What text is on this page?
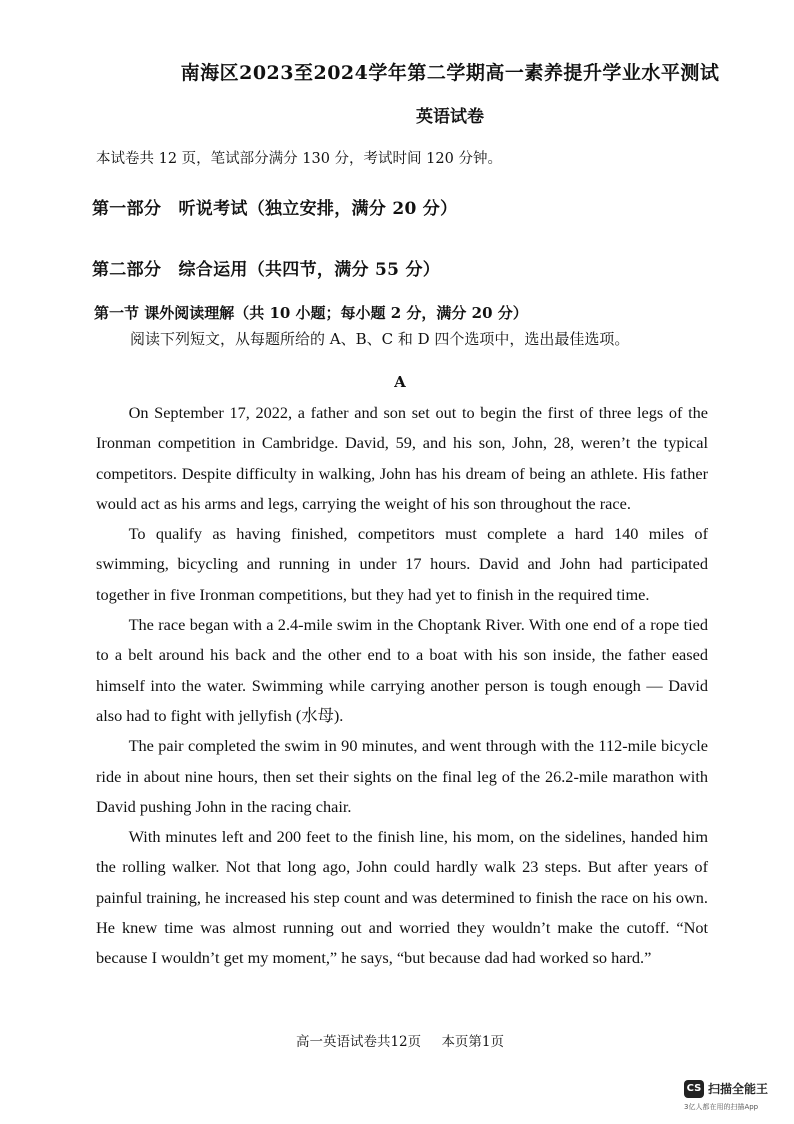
南海区2023至2024学年第二学期高一素养提升学业水平测试
英语试卷
本试卷共 12 页，笔试部分满分 130 分，考试时间 120 分钟。
第一部分　听说考试（独立安排，满分 20 分）
第二部分　综合运用（共四节，满分 55 分）
第一节 课外阅读理解（共 10 小题；每小题 2 分，满分 20 分）
阅读下列短文，从每题所给的 A、B、C 和 D 四个选项中，选出最佳选项。
A

On September 17, 2022, a father and son set out to begin the first of three legs of the Ironman competition in Cambridge. David, 59, and his son, John, 28, weren’t the typical competitors. Despite difficulty in walking, John has his dream of being an athlete. His father would act as his arms and legs, carrying the weight of his son throughout the race.

To qualify as having finished, competitors must complete a hard 140 miles of swimming, bicycling and running in under 17 hours. David and John had participated together in five Ironman competitions, but they had yet to finish in the required time.

The race began with a 2.4-mile swim in the Choptank River. With one end of a rope tied to a belt around his back and the other end to a boat with his son inside, the father eased himself into the water. Swimming while carrying another person is tough enough — David also had to fight with jellyfish (水母).

The pair completed the swim in 90 minutes, and went through with the 112-mile bicycle ride in about nine hours, then set their sights on the final leg of the 26.2-mile marathon with David pushing John in the racing chair.

With minutes left and 200 feet to the finish line, his mom, on the sidelines, handed him the rolling walker. Not that long ago, John could hardly walk 23 steps. But after years of painful training, he increased his step count and was determined to finish the race on his own. He knew time was almost running out and worried they wouldn’t make the cutoff. “Not because I wouldn’t get my moment,” he says, “but because dad had worked so hard.”

高一英语试卷共12页 本页第1页
CS 扫描全能王
3亿人都在用的扫描App
